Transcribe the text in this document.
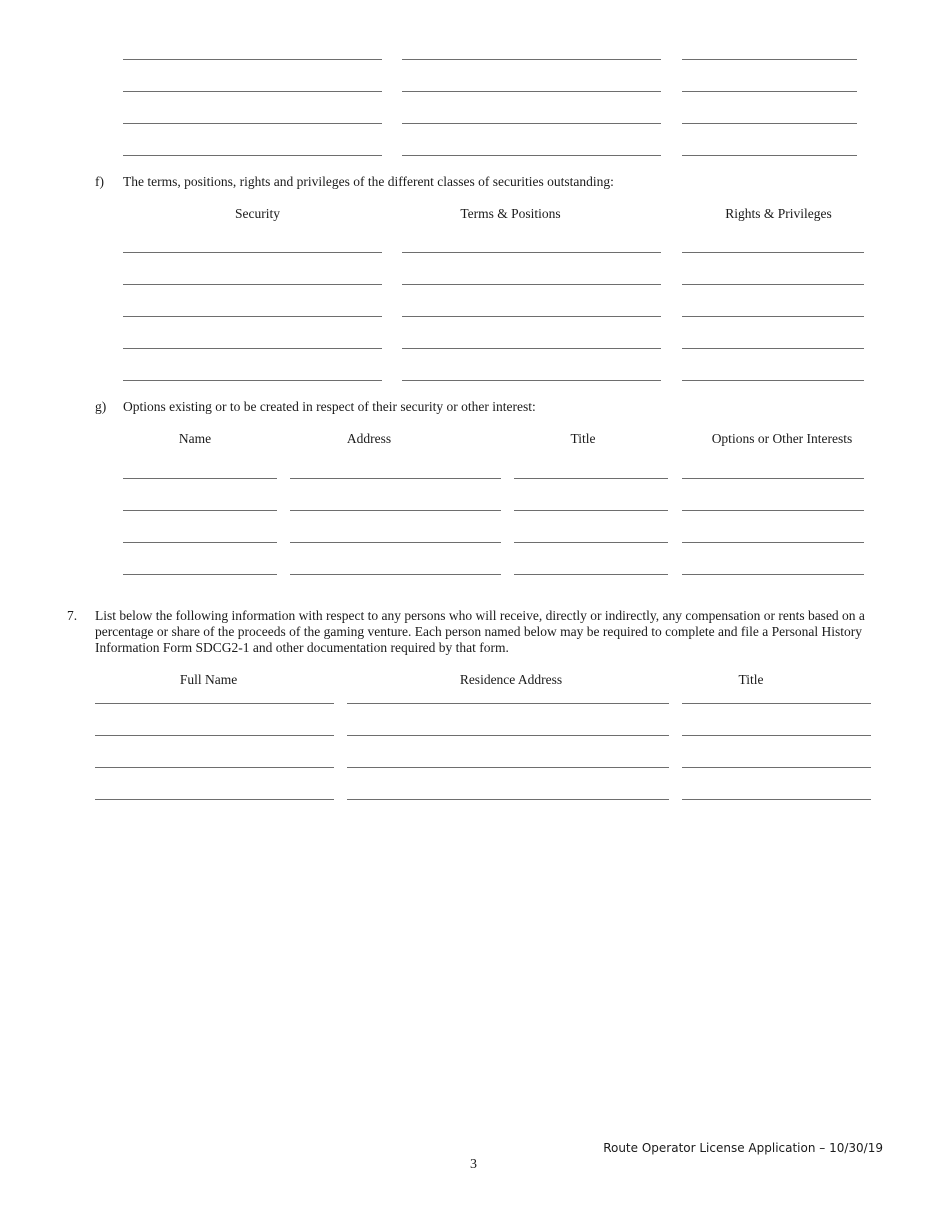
f) The terms, positions, rights and privileges of the different classes of securities outstanding:
Security	Terms & Positions	Rights & Privileges
g) Options existing or to be created in respect of their security or other interest:
Name	Address	Title	Options or Other Interests
7. List below the following information with respect to any persons who will receive, directly or indirectly, any compensation or rents based on a percentage or share of the proceeds of the gaming venture. Each person named below may be required to complete and file a Personal History Information Form SDCG2-1 and other documentation required by that form.

Full Name	Residence Address	Title
Route Operator License Application – 10/30/19
3
